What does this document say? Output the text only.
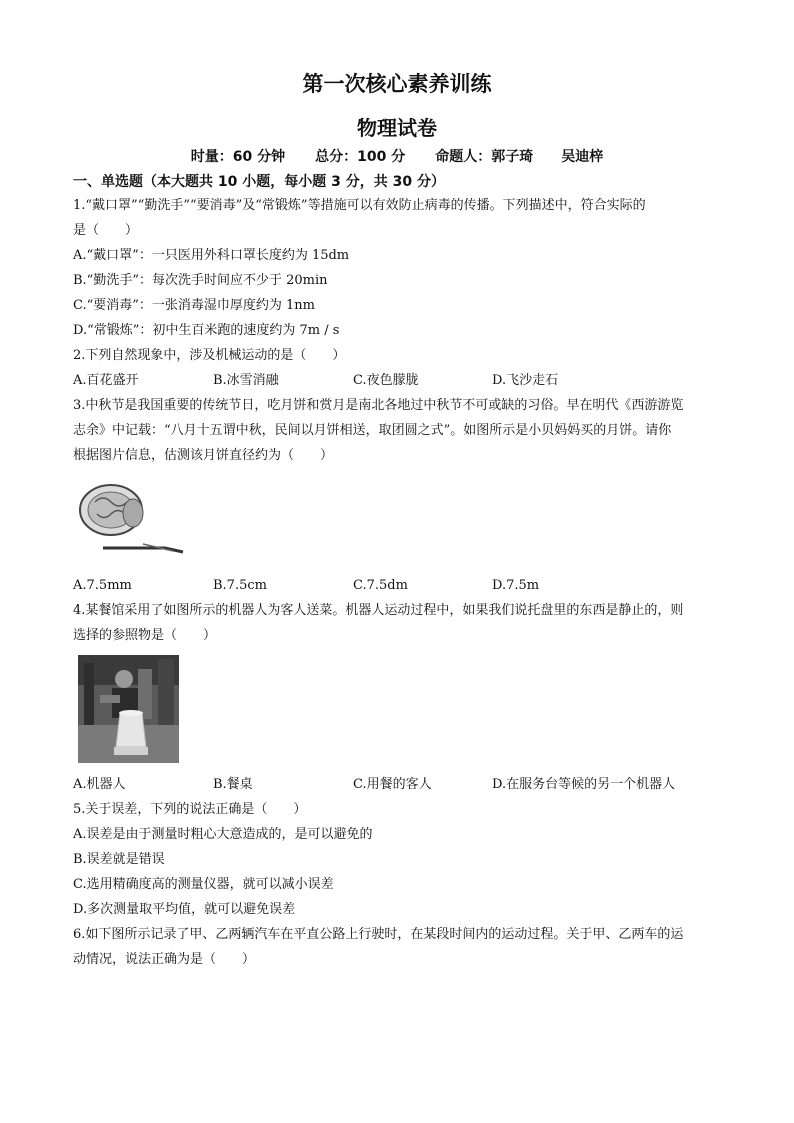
第一次核心素养训练
物理试卷
时量：60 分钟 总分：100 分 命题人：郭子琦 吴迪梓
一、单选题（本大题共 10 小题，每小题 3 分，共 30 分）
1.“戴口罩”“勤洗手”“要消毒”及“常锻炼”等措施可以有效防止病毒的传播。下列描述中，符合实际的
是（　　）
A.“戴口罩”：一只医用外科口罩长度约为 15dm
B.“勤洗手”：每次洗手时间应不少于 20min
C.“要消毒”：一张消毒湿巾厚度约为 1nm
D.“常锻炼”：初中生百米跑的速度约为 7m / s
2.下列自然现象中，涉及机械运动的是（　　）
A.百花盛开	B.冰雪消融	C.夜色朦胧	D.飞沙走石
3.中秋节是我国重要的传统节日，吃月饼和赏月是南北各地过中秋节不可或缺的习俗。早在明代《西游游览
志余》中记载：“八月十五谓中秋，民间以月饼相送，取团圆之式”。如图所示是小贝妈妈买的月饼。请你
根据图片信息，估测该月饼直径约为（　　）
A.7.5mm	B.7.5cm	C.7.5dm	D.7.5m
4.某餐馆采用了如图所示的机器人为客人送菜。机器人运动过程中，如果我们说托盘里的东西是静止的，则
选择的参照物是（　　）
A.机器人	B.餐桌	C.用餐的客人	D.在服务台等候的另一个机器人
5.关于误差，下列的说法正确是（　　）
A.误差是由于测量时粗心大意造成的，是可以避免的
B.误差就是错误
C.选用精确度高的测量仪器，就可以减小误差
D.多次测量取平均值，就可以避免误差
6.如下图所示记录了甲、乙两辆汽车在平直公路上行驶时，在某段时间内的运动过程。关于甲、乙两车的运
动情况，说法正确为是（　　）
